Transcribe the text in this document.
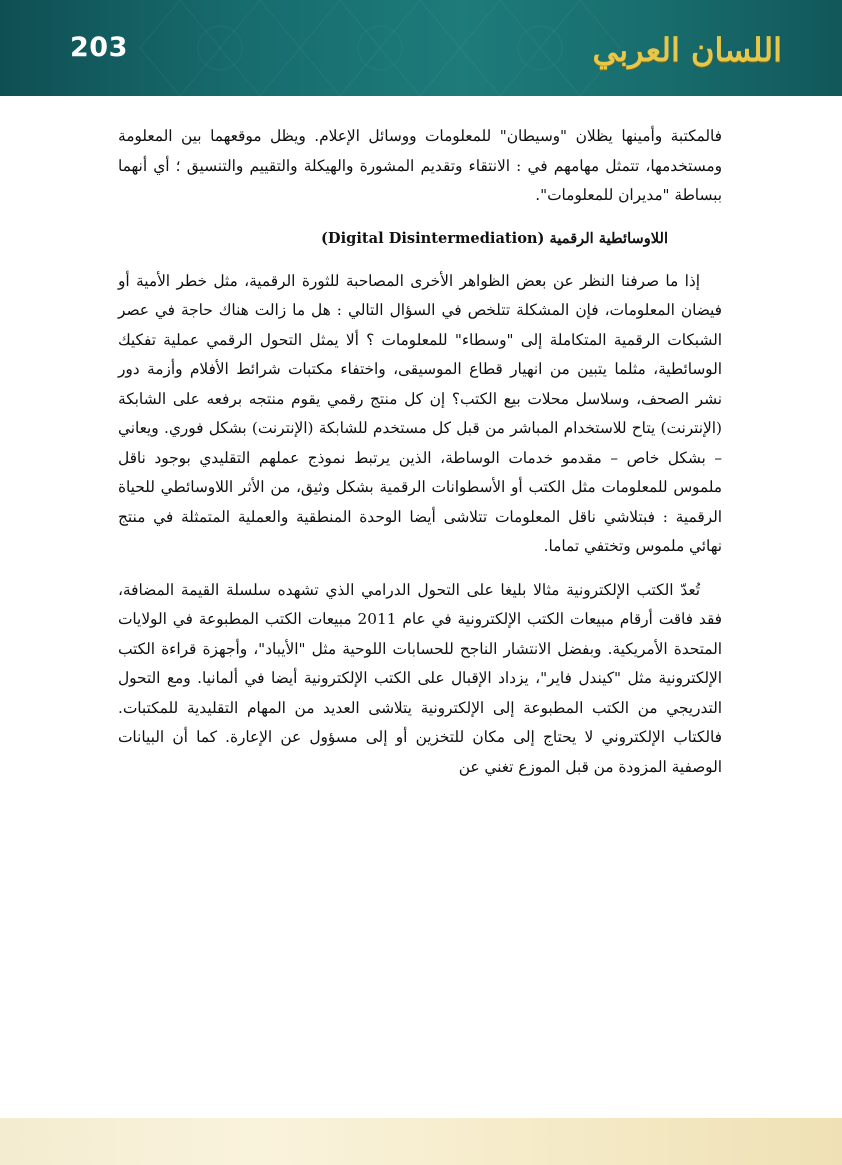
203	اللسان العربي

فالمكتبة وأمينها يظلان "وسيطان" للمعلومات ووسائل الإعلام. ويظل موقعهما بين المعلومة ومستخدمها، تتمثل مهامهم في : الانتقاء وتقديم المشورة والهيكلة والتقييم والتنسيق ؛ أي أنهما ببساطة "مديران للمعلومات".

اللاوسائطية الرقمية (Digital Disintermediation)

إذا ما صرفنا النظر عن بعض الظواهر الأخرى المصاحبة للثورة الرقمية، مثل خطر الأمية أو فيضان المعلومات، فإن المشكلة تتلخص في السؤال التالي : هل ما زالت هناك حاجة في عصر الشبكات الرقمية المتكاملة إلى "وسطاء" للمعلومات ؟ ألا يمثل التحول الرقمي عملية تفكيك الوسائطية، مثلما يتبين من انهيار قطاع الموسيقى، واختفاء مكتبات شرائط الأفلام وأزمة دور نشر الصحف، وسلاسل محلات بيع الكتب؟ إن كل منتج رقمي يقوم منتجه برفعه على الشابكة (الإنترنت) يتاح للاستخدام المباشر من قبل كل مستخدم للشابكة (الإنترنت) بشكل فوري. ويعاني – بشكل خاص – مقدمو خدمات الوساطة، الذين يرتبط نموذج عملهم التقليدي بوجود ناقل ملموس للمعلومات مثل الكتب أو الأسطوانات الرقمية بشكل وثيق، من الأثر اللاوسائطي للحياة الرقمية : فبتلاشي ناقل المعلومات تتلاشى أيضا الوحدة المنطقية والعملية المتمثلة في منتج نهائي ملموس وتختفي تماما.

تُعدّ الكتب الإلكترونية مثالا بليغا على التحول الدرامي الذي تشهده سلسلة القيمة المضافة، فقد فاقت أرقام مبيعات الكتب الإلكترونية في عام 2011 مبيعات الكتب المطبوعة في الولايات المتحدة الأمريكية. وبفضل الانتشار الناجح للحسابات اللوحية مثل "الأيباد"، وأجهزة قراءة الكتب الإلكترونية مثل "كيندل فاير"، يزداد الإقبال على الكتب الإلكترونية أيضا في ألمانيا. ومع التحول التدريجي من الكتب المطبوعة إلى الإلكترونية يتلاشى العديد من المهام التقليدية للمكتبات. فالكتاب الإلكتروني لا يحتاج إلى مكان للتخزين أو إلى مسؤول عن الإعارة. كما أن البيانات الوصفية المزودة من قبل الموزع تغني عن
